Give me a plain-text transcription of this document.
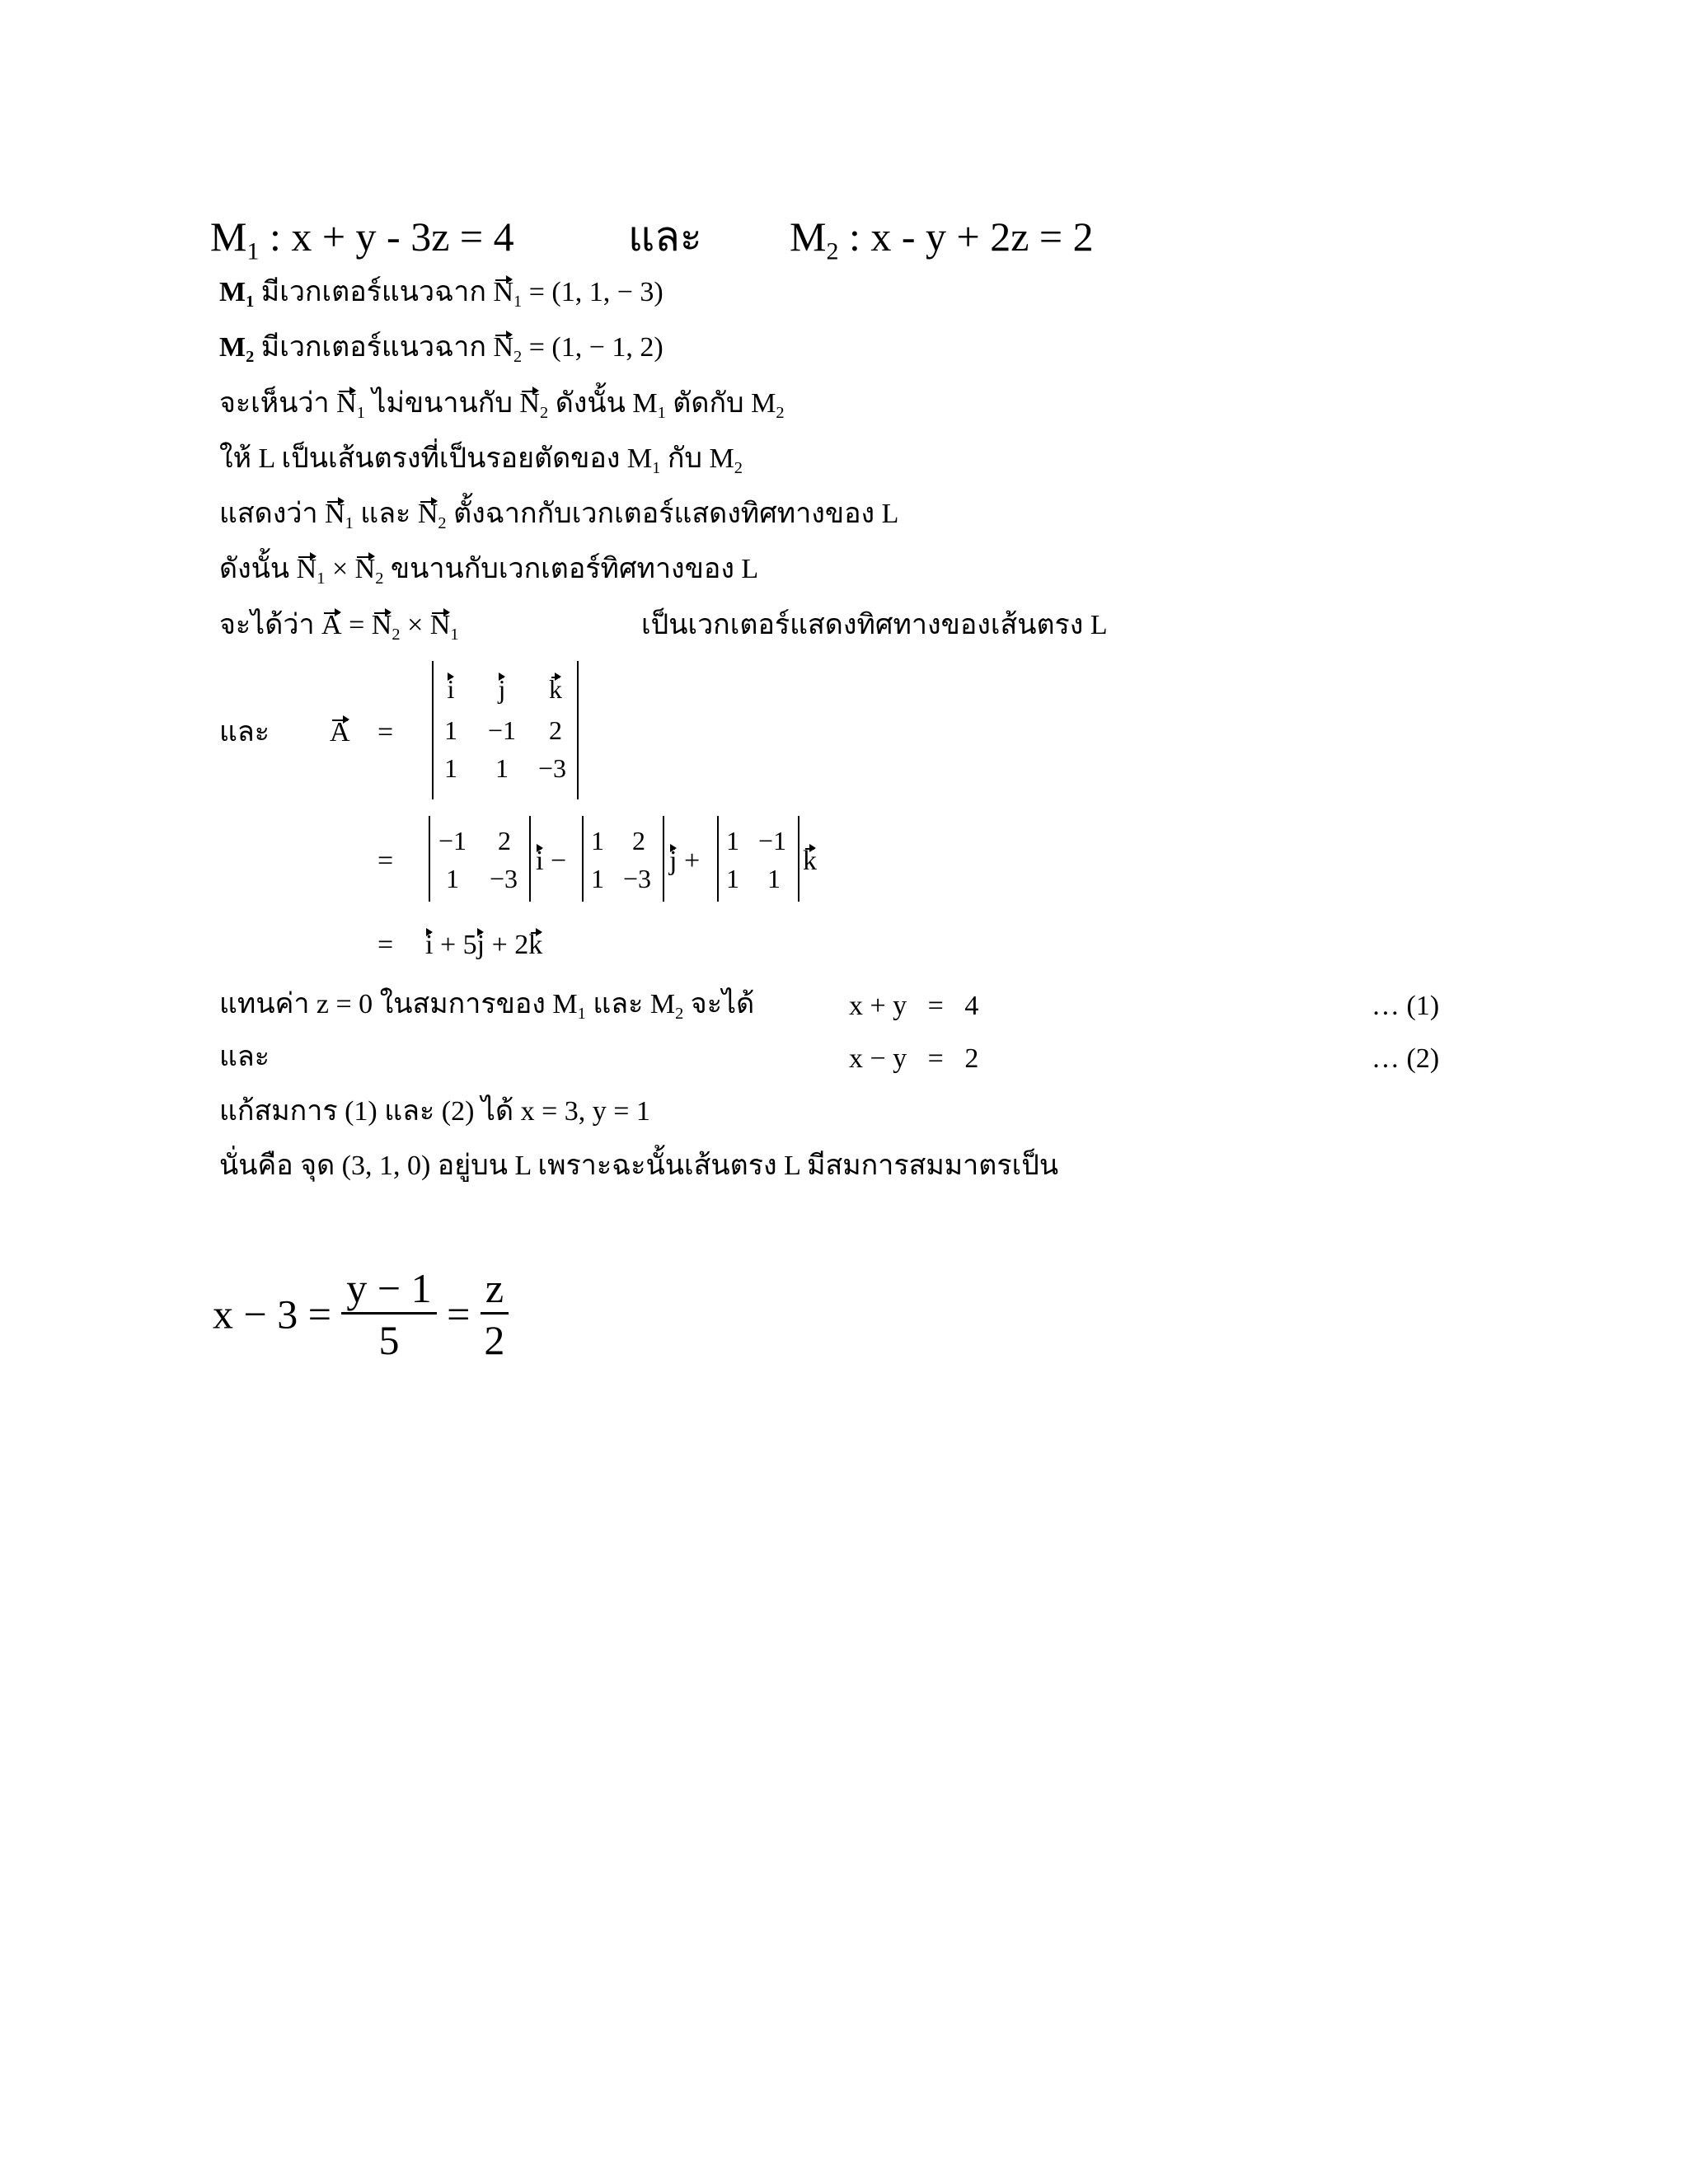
$M_1$ : x + y - 3z = 4	และ $M_2$ : x - y + 2z = 2
$M_1$ มีเวกเตอร์แนวฉาก $N_1 = (1$, 1, − 3)
$M_2$ มีเวกเตอร์แนวฉาก $N_2 = (1$, − 1, 2)
จะเห็นว่า $N_1$ ไม่ขนานกับ $N_2$ ดังนั้น $M_1$ ตัดกับ $M_2$
ให้ L เป็นเส้นตรงที่เป็นรอยตัดของ $M_1$ กับ $M_2$
แสดงว่า $N_1$ และ $N_2$ ตั้งฉากกับเวกเตอร์แสดงทิศทางของ L
ดังนั้น $N_1 \times N_2$ ขนานกับเวกเตอร์ทิศทางของ L
จะได้ว่า $A = N_2 \times N_1$	เป็นเวกเตอร์แสดงทิศทางของเส้นตรง L
และ A =
i	j	k
1 −1	2
1	1	−3
=
−1	2
1	−3
i −
1	2
1 −3
j +
1 −1
1 1
k
= i + 5j + 2k
แทนค่า z = 0 ในสมการของ $M_1$ และ $M_2$ จะได้	x + y   =   4	… (1)
และ	x − y   =   2	… (2)
แก้สมการ (1) และ (2) ได้ x = 3, y = 1
นั่นคือ จุด (3, 1, 0) อยู่บน L เพราะฉะนั้นเส้นตรง L มีสมการสมมาตรเป็น
$x - 3 = \frac{y - 1}{5} = \frac{z}{2}$
